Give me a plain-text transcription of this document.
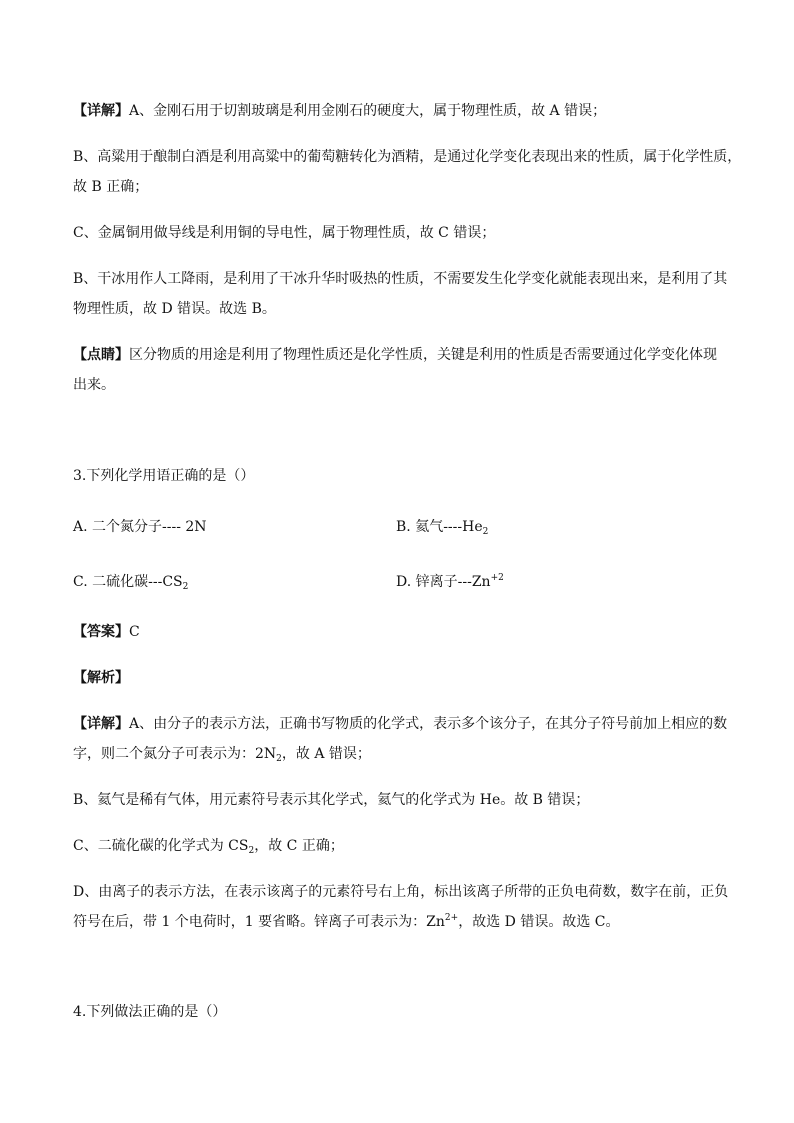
【详解】A、金刚石用于切割玻璃是利用金刚石的硬度大，属于物理性质，故 A 错误；
B、高粱用于酿制白酒是利用高粱中的葡萄糖转化为酒精，是通过化学变化表现出来的性质，属于化学性质，
故 B 正确；
C、金属铜用做导线是利用铜的导电性，属于物理性质，故 C 错误；
B、干冰用作人工降雨，是利用了干冰升华时吸热的性质，不需要发生化学变化就能表现出来，是利用了其
物理性质，故 D 错误。故选 B。
【点睛】区分物质的用途是利用了物理性质还是化学性质，关键是利用的性质是否需要通过化学变化体现
出来。
3.下列化学用语正确的是（）
A. 二个氮分子---- 2N	B. 氦气$----He_2$
C. 二硫化碳$---CS_2$	D. 锌离子$---Zn^{+2}$
【答案】C
【解析】
【详解】A、由分子的表示方法，正确书写物质的化学式，表示多个该分子，在其分子符号前加上相应的数
字，则二个氮分子可表示为：$2N_2$，故 A 错误；
B、氦气是稀有气体，用元素符号表示其化学式，氦气的化学式为 He。故 B 错误；
C、二硫化碳的化学式为 $CS_2$，故 C 正确；
D、由离子的表示方法，在表示该离子的元素符号右上角，标出该离子所带的正负电荷数，数字在前，正负
符号在后，带 1 个电荷时，1 要省略。锌离子可表示为：$Zn^{2+}$，故选 D 错误。故选 C。
4.下列做法正确的是（）
